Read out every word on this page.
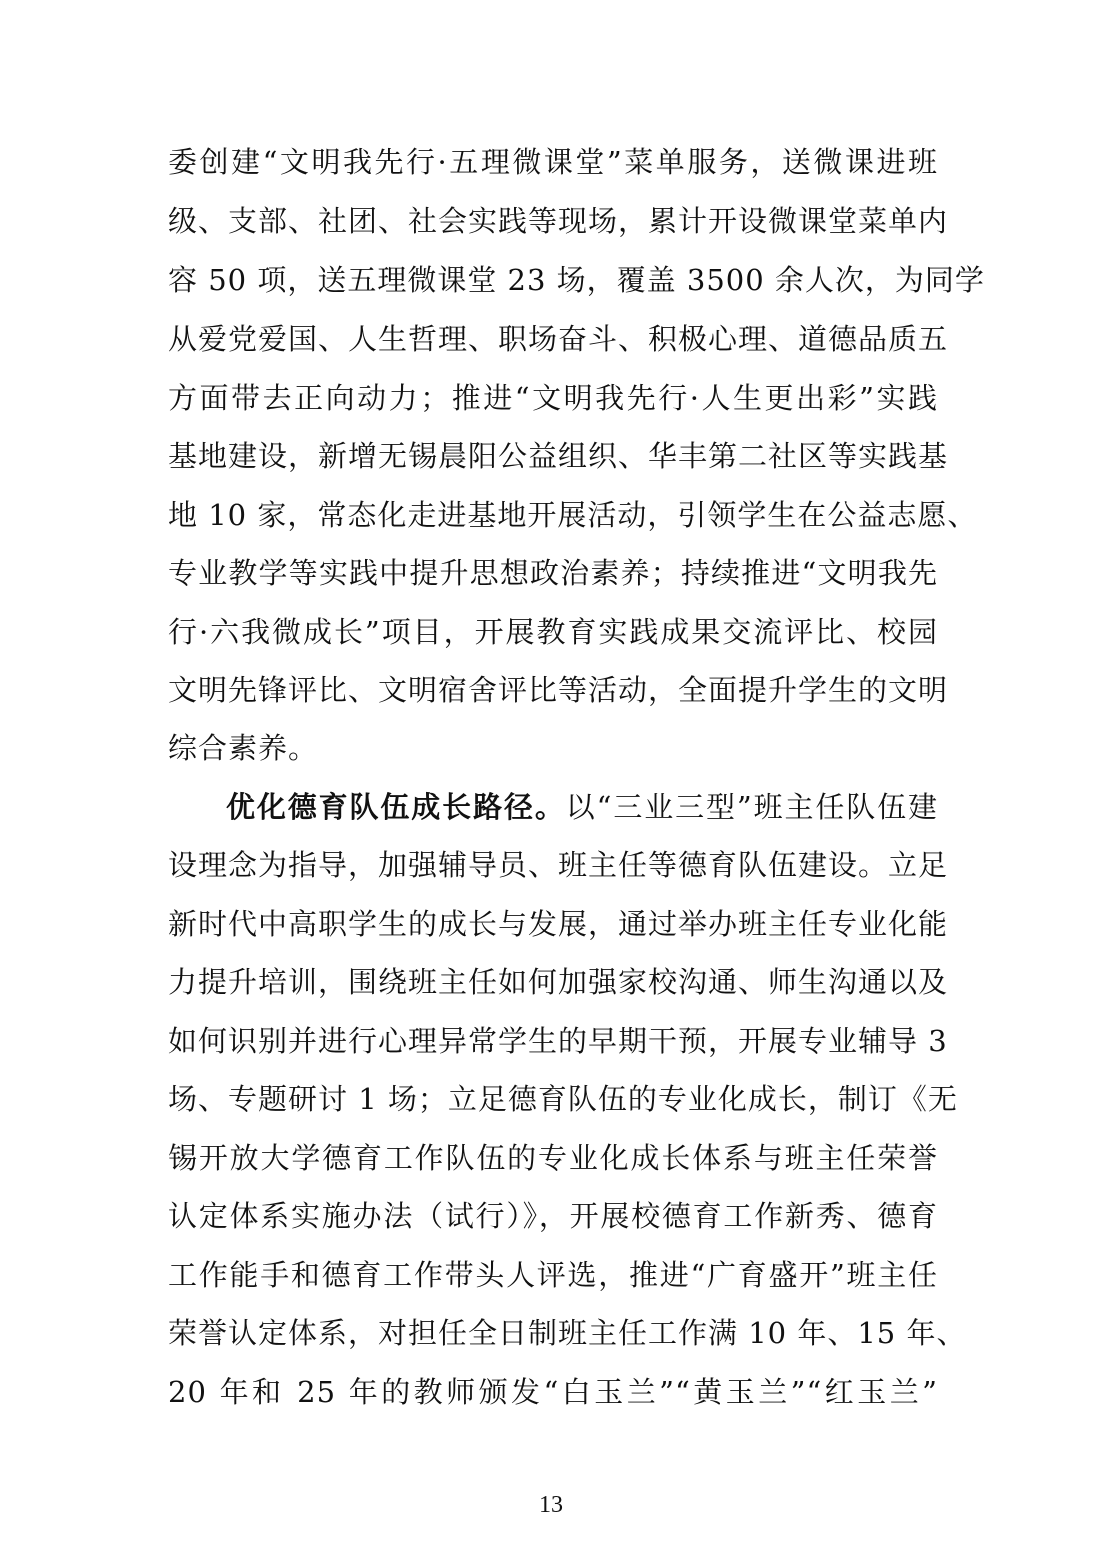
委创建“文明我先行·五理微课堂”菜单服务，送微课进班
级、支部、社团、社会实践等现场，累计开设微课堂菜单内
容 50 项，送五理微课堂 23 场，覆盖 3500 余人次，为同学
从爱党爱国、人生哲理、职场奋斗、积极心理、道德品质五
方面带去正向动力；推进“文明我先行·人生更出彩”实践
基地建设，新增无锡晨阳公益组织、华丰第二社区等实践基
地 10 家，常态化走进基地开展活动，引领学生在公益志愿、
专业教学等实践中提升思想政治素养；持续推进“文明我先
行·六我微成长”项目，开展教育实践成果交流评比、校园
文明先锋评比、文明宿舍评比等活动，全面提升学生的文明
综合素养。
优化德育队伍成长路径。以“三业三型”班主任队伍建
设理念为指导，加强辅导员、班主任等德育队伍建设。立足
新时代中高职学生的成长与发展，通过举办班主任专业化能
力提升培训，围绕班主任如何加强家校沟通、师生沟通以及
如何识别并进行心理异常学生的早期干预，开展专业辅导 3
场、专题研讨 1 场；立足德育队伍的专业化成长，制订《无
锡开放大学德育工作队伍的专业化成长体系与班主任荣誉
认定体系实施办法（试行）》，开展校德育工作新秀、德育
工作能手和德育工作带头人评选，推进“广育盛开”班主任
荣誉认定体系，对担任全日制班主任工作满 10 年、15 年、
20 年和 25 年的教师颁发“白玉兰”“黄玉兰”“红玉兰”
13
